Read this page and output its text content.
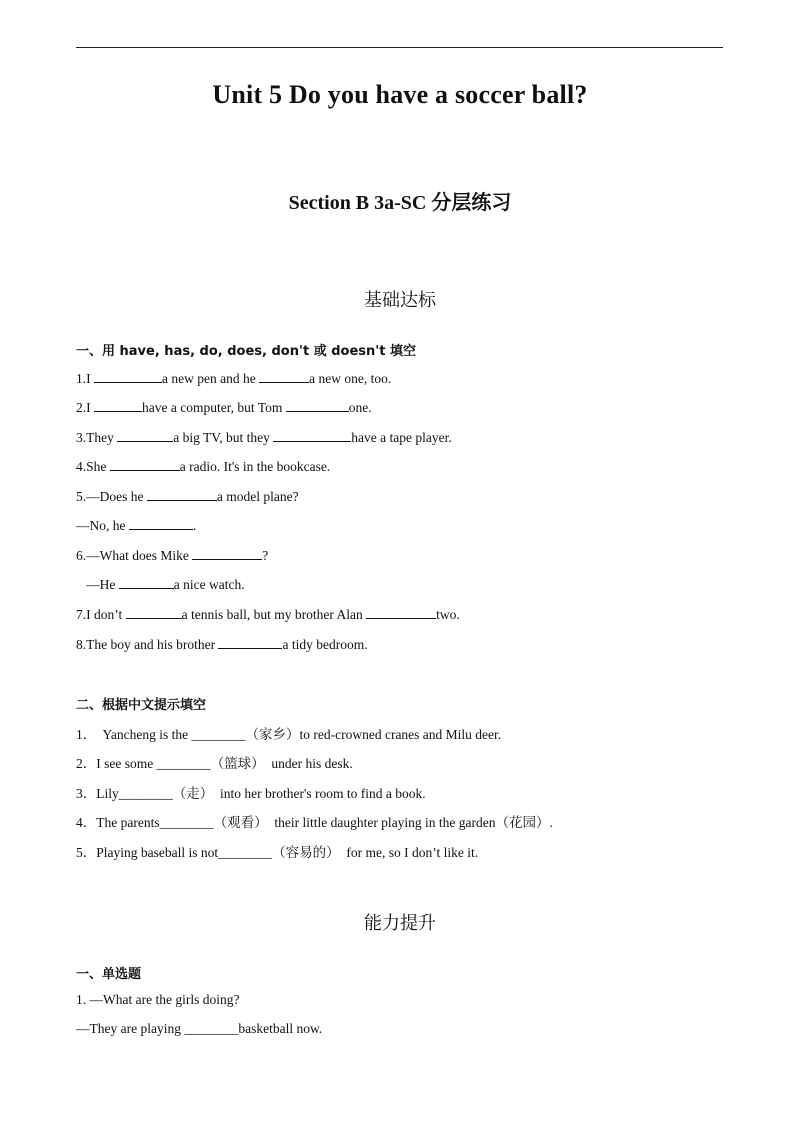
Unit 5 Do you have a soccer ball?
Section B 3a-SC 分层练习
基础达标
一、用 have, has, do, does, don't 或 doesn't 填空
1.I	a new pen and he	a new one, too.
2.I	have a computer, but Tom	one.
3.They	a big TV, but they	have a tape player.
4.She	a radio. It's in the bookcase.
5.—Does he	a model plane?
—No, he	.
6.—What does Mike	?
—He	a nice watch.
7.I don’t	a tennis ball, but my brother Alan	two.
8.The boy and his brother	a tidy bedroom.
二、根据中文提示填空
1．  Yancheng is the ________（家乡）to red-crowned cranes and Milu deer.
2．I see some ________（篮球）  under his desk.
3．Lily________（走）  into her brother's room to find a book.
4．The parents________（观看）  their little daughter playing in the garden（花园）.
5．Playing baseball is not________（容易的）  for me, so I don’t like it.
能力提升
一、单选题
1. —What are the girls doing?
—They are playing ________basketball now.
